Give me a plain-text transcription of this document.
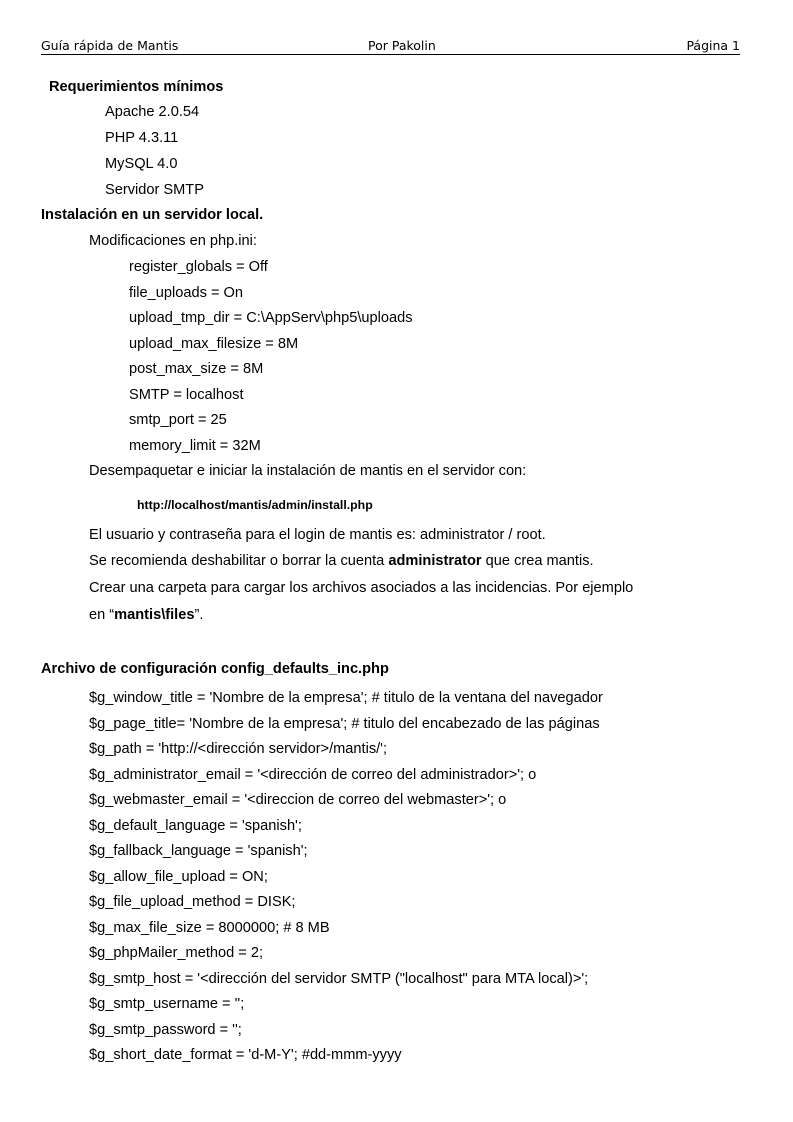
Guía rápida de Mantis	Por Pakolin	Página 1
Requerimientos mínimos
Apache 2.0.54
PHP 4.3.11
MySQL 4.0
Servidor SMTP
Instalación en un servidor local.
Modificaciones en php.ini:
register_globals = Off
file_uploads = On
upload_tmp_dir = C:\AppServ\php5\uploads
upload_max_filesize = 8M
post_max_size = 8M
SMTP = localhost
smtp_port = 25
memory_limit = 32M
Desempaquetar e iniciar la instalación de mantis en el servidor con:
http://localhost/mantis/admin/install.php
El usuario y contraseña para el login de mantis es: administrator / root.
Se recomienda deshabilitar o borrar la cuenta administrator que crea mantis.
Crear una carpeta para cargar los archivos asociados a las incidencias. Por ejemplo
en “mantis\files”.
Archivo de configuración config_defaults_inc.php
$g_window_title = 'Nombre de la empresa'; # titulo de la ventana del navegador
$g_page_title= 'Nombre de la empresa'; # titulo del encabezado de las páginas
$g_path = 'http://<dirección servidor>/mantis/';
$g_administrator_email = '<dirección de correo del administrador>'; o
$g_webmaster_email = '<direccion de correo del webmaster>'; o
$g_default_language = 'spanish';
$g_fallback_language = 'spanish';
$g_allow_file_upload = ON;
$g_file_upload_method = DISK;
$g_max_file_size = 8000000; # 8 MB
$g_phpMailer_method = 2;
$g_smtp_host = '<dirección del servidor SMTP ("localhost" para MTA local)>';
$g_smtp_username = '';
$g_smtp_password = '';
$g_short_date_format = 'd-M-Y'; #dd-mmm-yyyy
